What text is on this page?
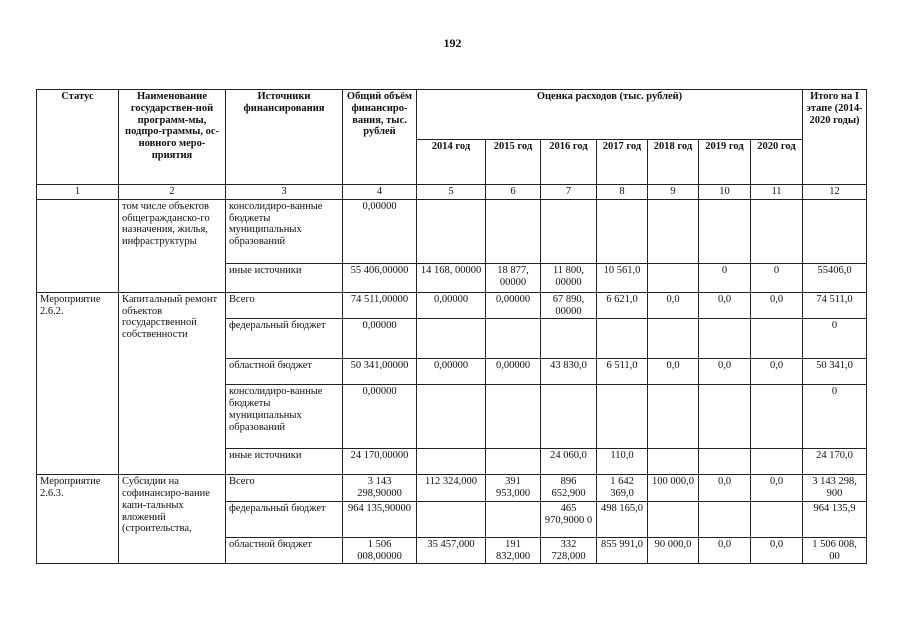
192
Статус	Наименование государствен-ной программ-мы, подпро-граммы, ос-новного меро-приятия	Источники финансирования	Общий объём финансиро-вания, тыс. рублей	Оценка расходов (тыс. рублей)							Итого на I этапе (2014-2020 годы)
				2014 год	2015 год	2016 год	2017 год	2018 год	2019 год	2020 год	
1	2	3	4	5	6	7	8	9	10	11	12
	том числе объектов общегражданско-го назначения, жилья, инфраструктуры	консолидиро-ванные бюджеты муниципальных образований	0,00000								
		иные источники	55 406,00000	14 168, 00000	18 877, 00000	11 800, 00000	10 561,0		0	0	55406,0
Мероприятие 2.6.2.	Капитальный ремонт объектов государственной собственности	Всего	74 511,00000	0,00000	0,00000	67 890, 00000	6 621,0	0,0	0,0	0,0	74 511,0
		федеральный бюджет	0,00000								0
		областной бюджет	50 341,00000	0,00000	0,00000	43 830,0	6 511,0	0,0	0,0	0,0	50 341,0
		консолидиро-ванные бюджеты муниципальных образований	0,00000								0
		иные источники	24 170,00000			24 060,0	110,0				24 170,0
Мероприятие 2.6.3.	Субсидии на софинансиро-вание капи-тальных вложений (строительства,	Всего	3 143 298,90000	112 324,000	391 953,000	896 652,900	1 642 369,0	100 000,0	0,0	0,0	3 143 298, 900
		федеральный бюджет	964 135,90000			465 970,9000 0	498 165,0				964 135,9
		областной бюджет	1 506 008,00000	35 457,000	191 832,000	332 728,000	855 991,0	90 000,0	0,0	0,0	1 506 008, 00
